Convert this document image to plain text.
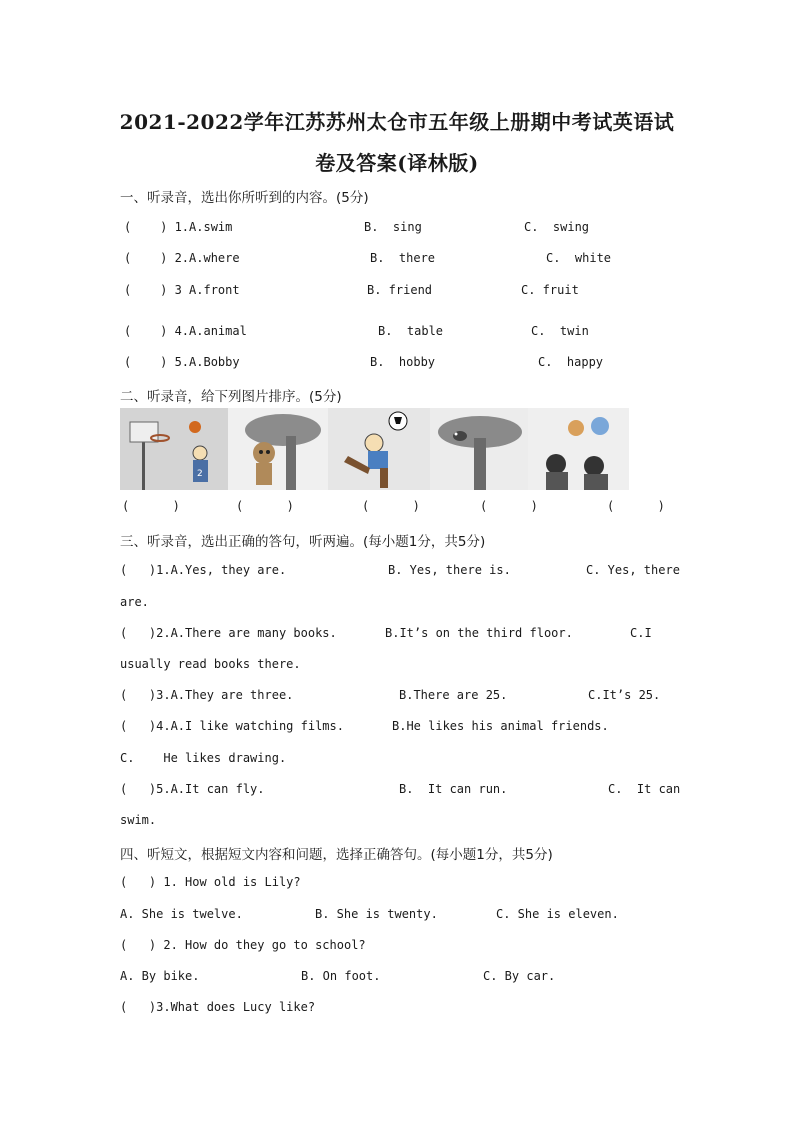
2021-2022学年江苏苏州太仓市五年级上册期中考试英语试
卷及答案(译林版)
一、听录音，选出你所听到的内容。(5分)
(    ) 1.A.swim	B.  sing	C.  swing
(    ) 2.A.where	B.  there	C.  white
(    ) 3 A.front	B. friend	C. fruit
(    ) 4.A.animal	B.  table	C.  twin
(    ) 5.A.Bobby	B.  hobby	C.  happy
二、听录音，给下列图片排序。(5分)
2
(      )	(      )	(      )	(      )	(      )
三、听录音，选出正确的答句，听两遍。(每小题1分，共5分)
(   )1.A.Yes, they are.	B. Yes, there is.	C. Yes, there
are.
(   )2.A.There are many books.	B.It’s on the third floor.	C.I
usually read books there.
(   )3.A.They are three.	B.There are 25.	C.It’s 25.
(   )4.A.I like watching films.	B.He likes his animal friends.
C.    He likes drawing.
(   )5.A.It can fly.	B.  It can run.	C.  It can
swim.
四、听短文，根据短文内容和问题，选择正确答句。(每小题1分，共5分)
(   ) 1. How old is Lily?
A. She is twelve.	B. She is twenty.	C. She is eleven.
(   ) 2. How do they go to school?
A. By bike.	B. On foot.	C. By car.
(   )3.What does Lucy like?
